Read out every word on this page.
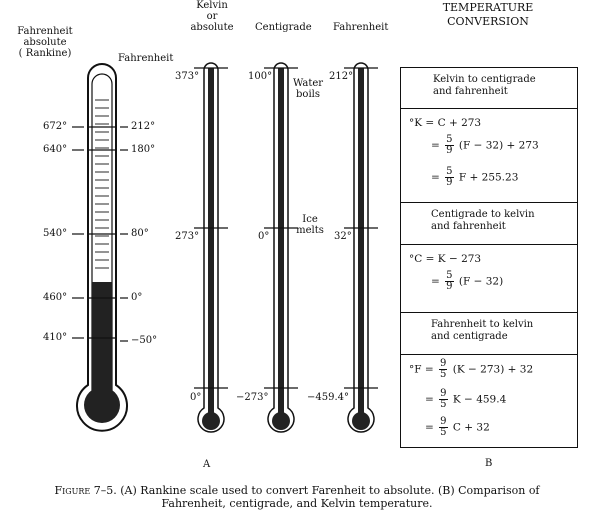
Fahrenheit
absolute
( Rankine)	Fahrenheit
672°
640°
540°
460°
410°
212°
180°
80°
0°
−50°
Kelvin
or
absolute	Centigrade Fahrenheit
373°
273°
0°
100°
0°
−273°
212°
32°
−459.4°
Water
boils
Ice
melts
TEMPERATURE
CONVERSION
Kelvin to centigrade
and fahrenheit
°K = C + 273
= $\frac{5}{9} (F - 32) + 273$
= $\frac{5}{9}$ F + 255.23
Centigrade to kelvin
and fahrenheit
°C = K − 273
= $\frac{5}{9} (F - 32)$
Fahrenheit to kelvin
and centigrade
$^\circ F = \frac{9}{5} (K - 273) + 32$
= $\frac{9}{5}$ K − 459.4
= $\frac{9}{5}$ C + 32
A	B
Figure 7–5. (A) Rankine scale used to convert Farenheit to absolute. (B) Comparison of
Fahrenheit, centigrade, and Kelvin temperature.
